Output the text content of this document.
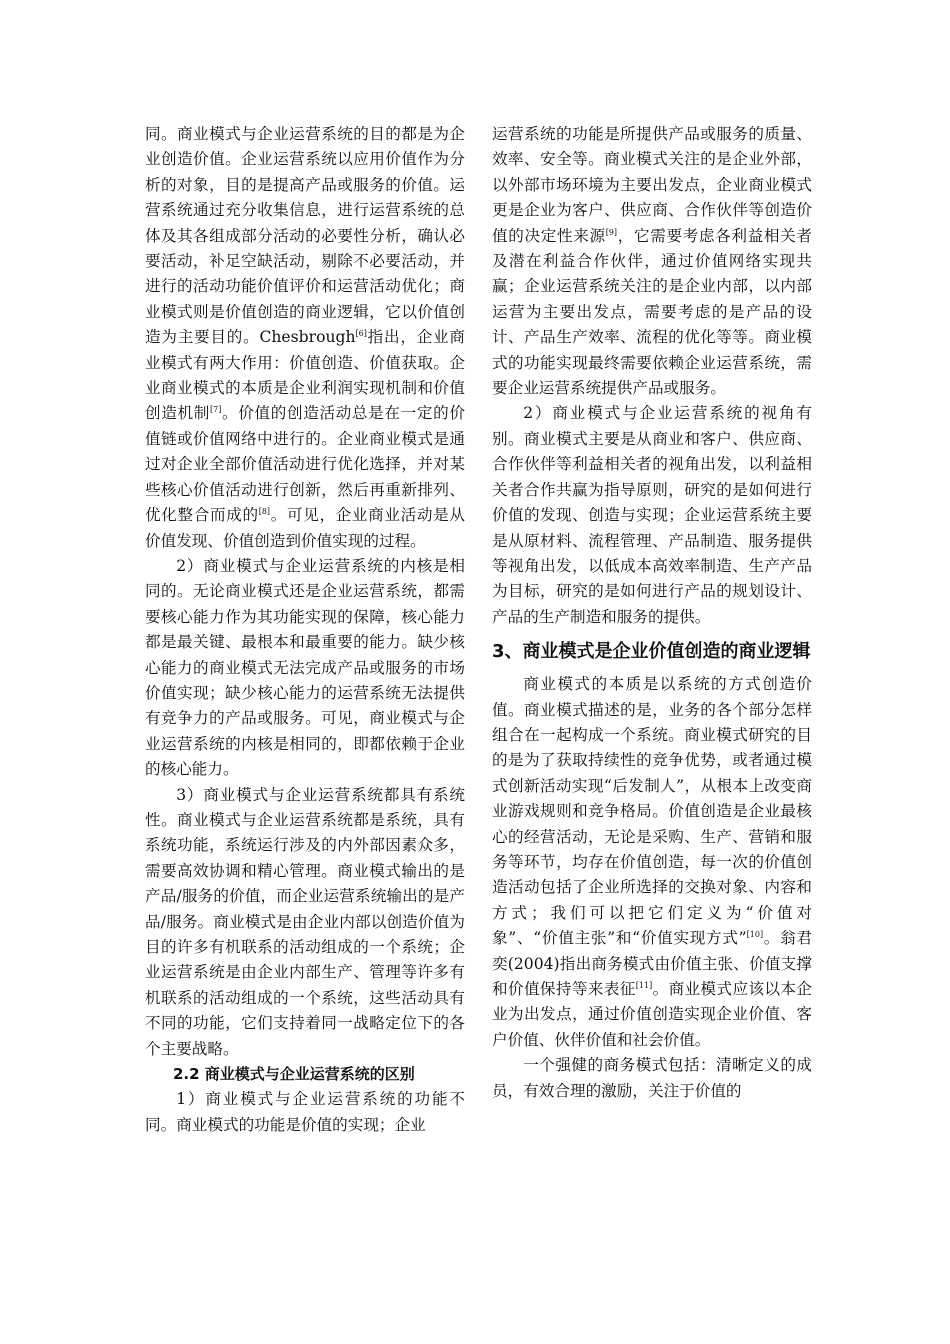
同。商业模式与企业运营系统的目的都是为企业创造价值。企业运营系统以应用价值作为分析的对象，目的是提高产品或服务的价值。运营系统通过充分收集信息，进行运营系统的总体及其各组成部分活动的必要性分析，确认必要活动，补足空缺活动，剔除不必要活动，并进行的活动功能价值评价和运营活动优化；商业模式则是价值创造的商业逻辑，它以价值创造为主要目的。Chesbrough[6]指出，企业商业模式有两大作用：价值创造、价值获取。企业商业模式的本质是企业利润实现机制和价值创造机制[7]。价值的创造活动总是在一定的价值链或价值网络中进行的。企业商业模式是通过对企业全部价值活动进行优化选择，并对某些核心价值活动进行创新，然后再重新排列、优化整合而成的[8]。可见，企业商业活动是从价值发现、价值创造到价值实现的过程。

2）商业模式与企业运营系统的内核是相同的。无论商业模式还是企业运营系统，都需要核心能力作为其功能实现的保障，核心能力都是最关键、最根本和最重要的能力。缺少核心能力的商业模式无法完成产品或服务的市场价值实现；缺少核心能力的运营系统无法提供有竞争力的产品或服务。可见，商业模式与企业运营系统的内核是相同的，即都依赖于企业的核心能力。

3）商业模式与企业运营系统都具有系统性。商业模式与企业运营系统都是系统，具有系统功能，系统运行涉及的内外部因素众多，需要高效协调和精心管理。商业模式输出的是产品/服务的价值，而企业运营系统输出的是产品/服务。商业模式是由企业内部以创造价值为目的许多有机联系的活动组成的一个系统；企业运营系统是由企业内部生产、管理等许多有机联系的活动组成的一个系统，这些活动具有不同的功能，它们支持着同一战略定位下的各个主要战略。

2.2 商业模式与企业运营系统的区别

1）商业模式与企业运营系统的功能不同。商业模式的功能是价值的实现；企业

运营系统的功能是所提供产品或服务的质量、效率、安全等。商业模式关注的是企业外部，以外部市场环境为主要出发点，企业商业模式更是企业为客户、供应商、合作伙伴等创造价值的决定性来源[9]，它需要考虑各利益相关者及潜在利益合作伙伴，通过价值网络实现共赢；企业运营系统关注的是企业内部，以内部运营为主要出发点，需要考虑的是产品的设计、产品生产效率、流程的优化等等。商业模式的功能实现最终需要依赖企业运营系统，需要企业运营系统提供产品或服务。

2）商业模式与企业运营系统的视角有别。商业模式主要是从商业和客户、供应商、合作伙伴等利益相关者的视角出发，以利益相关者合作共赢为指导原则，研究的是如何进行价值的发现、创造与实现；企业运营系统主要是从原材料、流程管理、产品制造、服务提供等视角出发，以低成本高效率制造、生产产品为目标，研究的是如何进行产品的规划设计、产品的生产制造和服务的提供。

3、商业模式是企业价值创造的商业逻辑

商业模式的本质是以系统的方式创造价值。商业模式描述的是，业务的各个部分怎样组合在一起构成一个系统。商业模式研究的目的是为了获取持续性的竞争优势，或者通过模式创新活动实现“后发制人”，从根本上改变商业游戏规则和竞争格局。价值创造是企业最核心的经营活动，无论是采购、生产、营销和服务等环节，均存在价值创造，每一次的价值创造活动包括了企业所选择的交换对象、内容和方式；我们可以把它们定义为“价值对象”、“价值主张”和“价值实现方式”[10]。翁君奕(2004)指出商务模式由价值主张、价值支撑和价值保持等来表征[11]。商业模式应该以本企业为出发点，通过价值创造实现企业价值、客户价值、伙伴价值和社会价值。

一个强健的商务模式包括：清晰定义的成员，有效合理的激励，关注于价值的
